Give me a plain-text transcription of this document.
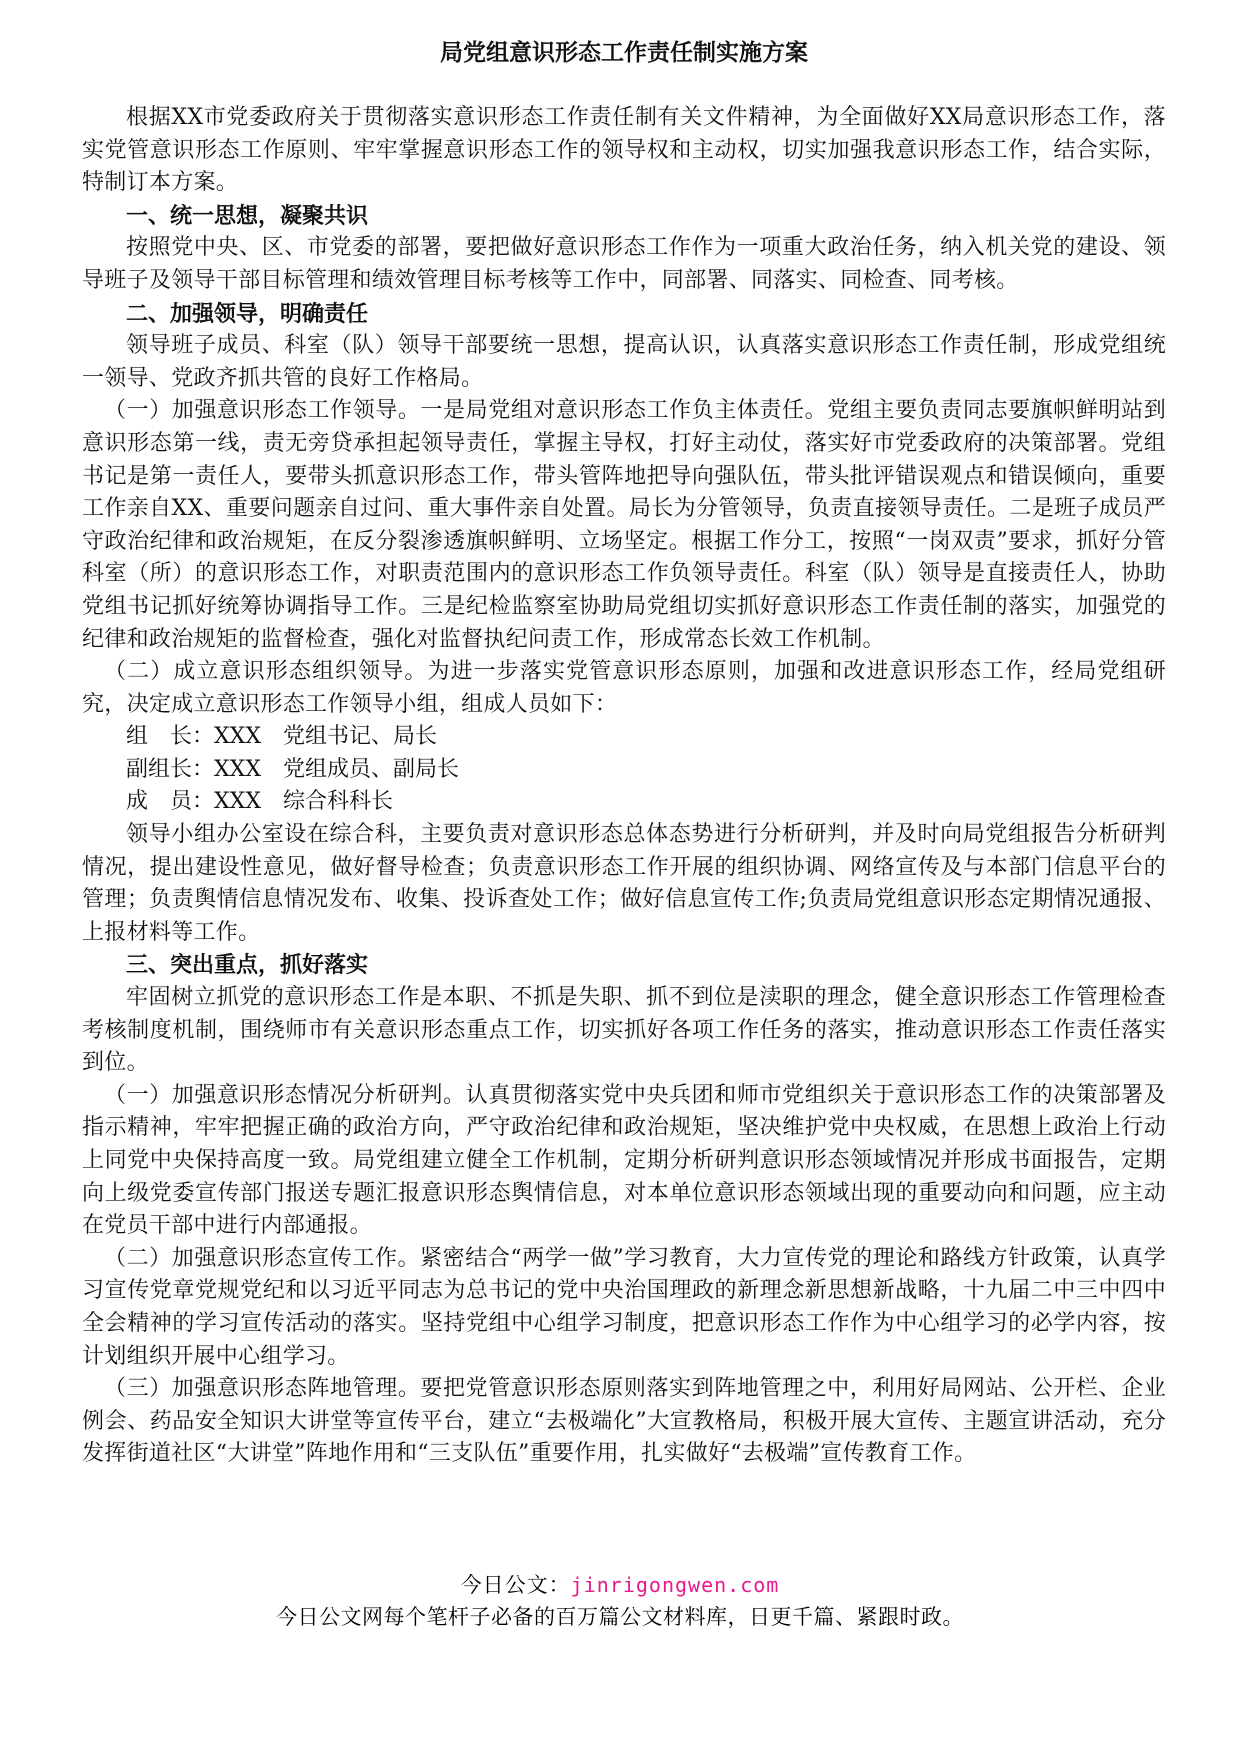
局党组意识形态工作责任制实施方案

根据XX市党委政府关于贯彻落实意识形态工作责任制有关文件精神，为全面做好XX局意识形态工作，落实党管意识形态工作原则、牢牢掌握意识形态工作的领导权和主动权，切实加强我意识形态工作，结合实际，特制订本方案。

一、统一思想，凝聚共识

按照党中央、区、市党委的部署，要把做好意识形态工作作为一项重大政治任务，纳入机关党的建设、领导班子及领导干部目标管理和绩效管理目标考核等工作中，同部署、同落实、同检查、同考核。

二、加强领导，明确责任

领导班子成员、科室（队）领导干部要统一思想，提高认识，认真落实意识形态工作责任制，形成党组统一领导、党政齐抓共管的良好工作格局。

（一）加强意识形态工作领导。一是局党组对意识形态工作负主体责任。党组主要负责同志要旗帜鲜明站到意识形态第一线，责无旁贷承担起领导责任，掌握主导权，打好主动仗，落实好市党委政府的决策部署。党组书记是第一责任人，要带头抓意识形态工作，带头管阵地把导向强队伍，带头批评错误观点和错误倾向，重要工作亲自XX、重要问题亲自过问、重大事件亲自处置。局长为分管领导，负责直接领导责任。二是班子成员严守政治纪律和政治规矩，在反分裂渗透旗帜鲜明、立场坚定。根据工作分工，按照“一岗双责”要求，抓好分管科室（所）的意识形态工作，对职责范围内的意识形态工作负领导责任。科室（队）领导是直接责任人，协助党组书记抓好统筹协调指导工作。三是纪检监察室协助局党组切实抓好意识形态工作责任制的落实，加强党的纪律和政治规矩的监督检查，强化对监督执纪问责工作，形成常态长效工作机制。

（二）成立意识形态组织领导。为进一步落实党管意识形态原则，加强和改进意识形态工作，经局党组研究，决定成立意识形态工作领导小组，组成人员如下：

组　长：XXX　党组书记、局长

副组长：XXX　党组成员、副局长

成　员：XXX　综合科科长

领导小组办公室设在综合科，主要负责对意识形态总体态势进行分析研判，并及时向局党组报告分析研判情况，提出建设性意见，做好督导检查；负责意识形态工作开展的组织协调、网络宣传及与本部门信息平台的管理；负责舆情信息情况发布、收集、投诉查处工作；做好信息宣传工作;负责局党组意识形态定期情况通报、上报材料等工作。

三、突出重点，抓好落实

牢固树立抓党的意识形态工作是本职、不抓是失职、抓不到位是渎职的理念，健全意识形态工作管理检查考核制度机制，围绕师市有关意识形态重点工作，切实抓好各项工作任务的落实，推动意识形态工作责任落实到位。

（一）加强意识形态情况分析研判。认真贯彻落实党中央兵团和师市党组织关于意识形态工作的决策部署及指示精神，牢牢把握正确的政治方向，严守政治纪律和政治规矩，坚决维护党中央权威，在思想上政治上行动上同党中央保持高度一致。局党组建立健全工作机制，定期分析研判意识形态领域情况并形成书面报告，定期向上级党委宣传部门报送专题汇报意识形态舆情信息，对本单位意识形态领域出现的重要动向和问题，应主动在党员干部中进行内部通报。

（二）加强意识形态宣传工作。紧密结合“两学一做”学习教育，大力宣传党的理论和路线方针政策，认真学习宣传党章党规党纪和以习近平同志为总书记的党中央治国理政的新理念新思想新战略，十九届二中三中四中全会精神的学习宣传活动的落实。坚持党组中心组学习制度，把意识形态工作作为中心组学习的必学内容，按计划组织开展中心组学习。

（三）加强意识形态阵地管理。要把党管意识形态原则落实到阵地管理之中，利用好局网站、公开栏、企业例会、药品安全知识大讲堂等宣传平台，建立“去极端化”大宣教格局，积极开展大宣传、主题宣讲活动，充分发挥街道社区“大讲堂”阵地作用和“三支队伍”重要作用，扎实做好“去极端”宣传教育工作。

今日公文：jinrigongwen.com
今日公文网每个笔杆子必备的百万篇公文材料库，日更千篇、紧跟时政。
